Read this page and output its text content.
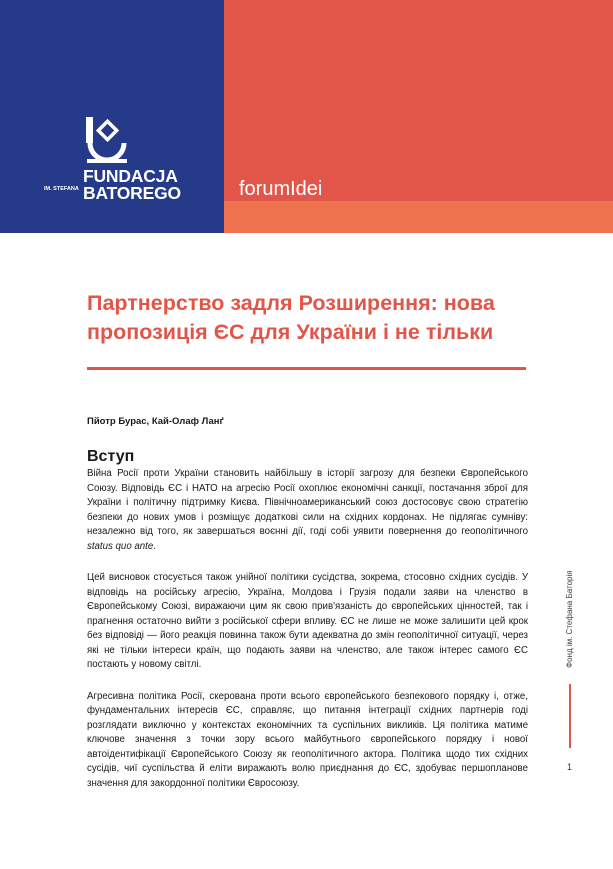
FUNDACJA
BATOREGO
IM. STEFANA	forumIdei
Партнерство задля Розширення: нова пропозиція ЄС для України і не тільки
Пйотр Бурас, Кай-Олаф Ланґ
Вступ

Війна Росії проти України становить найбільшу в історії загрозу для безпеки Європейського Союзу. Відповідь ЄС і НАТО на агресію Росії охоплює економічні санкції, постачання зброї для України і політичну підтримку Києва. Північноамериканський союз достосовує свою стратегію безпеки до нових умов і розміщує додаткові сили на східних кордонах. Не підлягає сумніву: незалежно від того, як завершаться воєнні дії, годі собі уявити повернення до геополітичного status quo ante.

Цей висновок стосується також унійної політики сусідства, зокрема, стосовно східних сусідів. У відповідь на російську агресію, Україна, Молдова і Грузія подали заяви на членство в Європейському Союзі, виражаючи цим як свою прив'язаність до європейських цінностей, так і прагнення остаточно вийти з російської сфери впливу. ЄС не лише не може залишити цей крок без відповіді — його реакція повинна також бути адекватна до змін геополітичної ситуації, через які не тільки інтереси країн, що подають заяви на членство, але також інтерес самого ЄС постають у новому світлі.

Агресивна політика Росії, скерована проти всього європейського безпекового порядку і, отже, фундаментальних інтересів ЄС, справляє, що питання інтеграції східних партнерів годі розглядати виключно у контекстах економічних та суспільних викликів. Ця політика матиме ключове значення з точки зору всього майбутнього європейського порядку і нової автоідентифікації Європейського Союзу як геополітичного актора. Політика щодо тих східних сусідів, чиї суспільства й еліти виражають волю приєднання до ЄС, здобуває першопланове значення для закордонної політики Євросоюзу.

Фонд ім. Стефана Баторія
1
